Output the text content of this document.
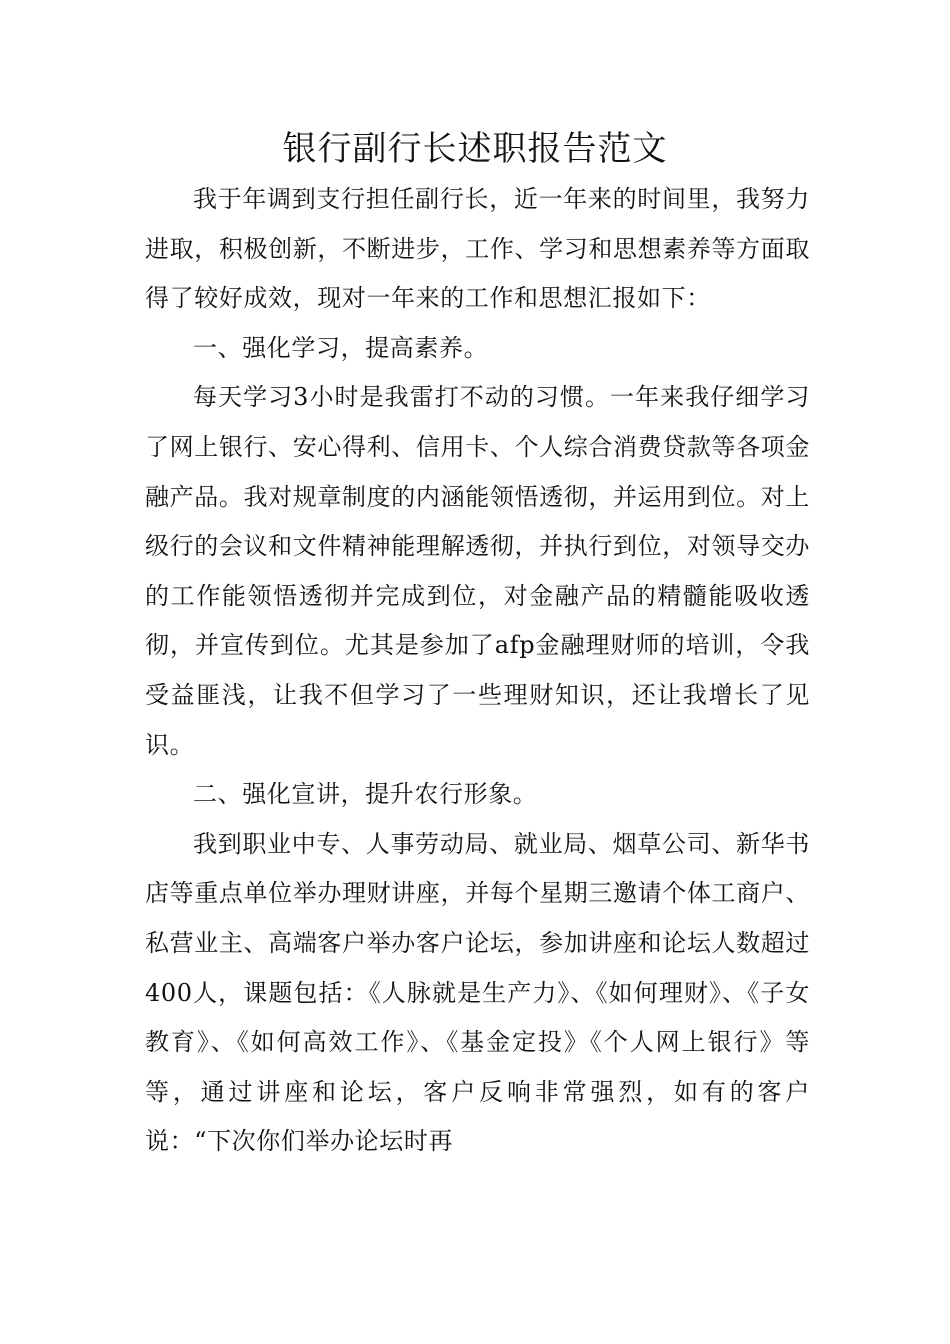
银行副行长述职报告范文

我于年调到支行担任副行长，近一年来的时间里，我努力进取，积极创新，不断进步，工作、学习和思想素养等方面取得了较好成效，现对一年来的工作和思想汇报如下：

一、强化学习，提高素养。

每天学习3小时是我雷打不动的习惯。一年来我仔细学习了网上银行、安心得利、信用卡、个人综合消费贷款等各项金融产品。我对规章制度的内涵能领悟透彻，并运用到位。对上级行的会议和文件精神能理解透彻，并执行到位，对领导交办的工作能领悟透彻并完成到位，对金融产品的精髓能吸收透彻，并宣传到位。尤其是参加了afp金融理财师的培训，令我受益匪浅，让我不但学习了一些理财知识，还让我增长了见识。

二、强化宣讲，提升农行形象。

我到职业中专、人事劳动局、就业局、烟草公司、新华书店等重点单位举办理财讲座，并每个星期三邀请个体工商户、私营业主、高端客户举办客户论坛，参加讲座和论坛人数超过400人，课题包括：《人脉就是生产力》、《如何理财》、《子女教育》、《如何高效工作》、《基金定投》《个人网上银行》等等，通过讲座和论坛，客户反响非常强烈，如有的客户说：“下次你们举办论坛时再
